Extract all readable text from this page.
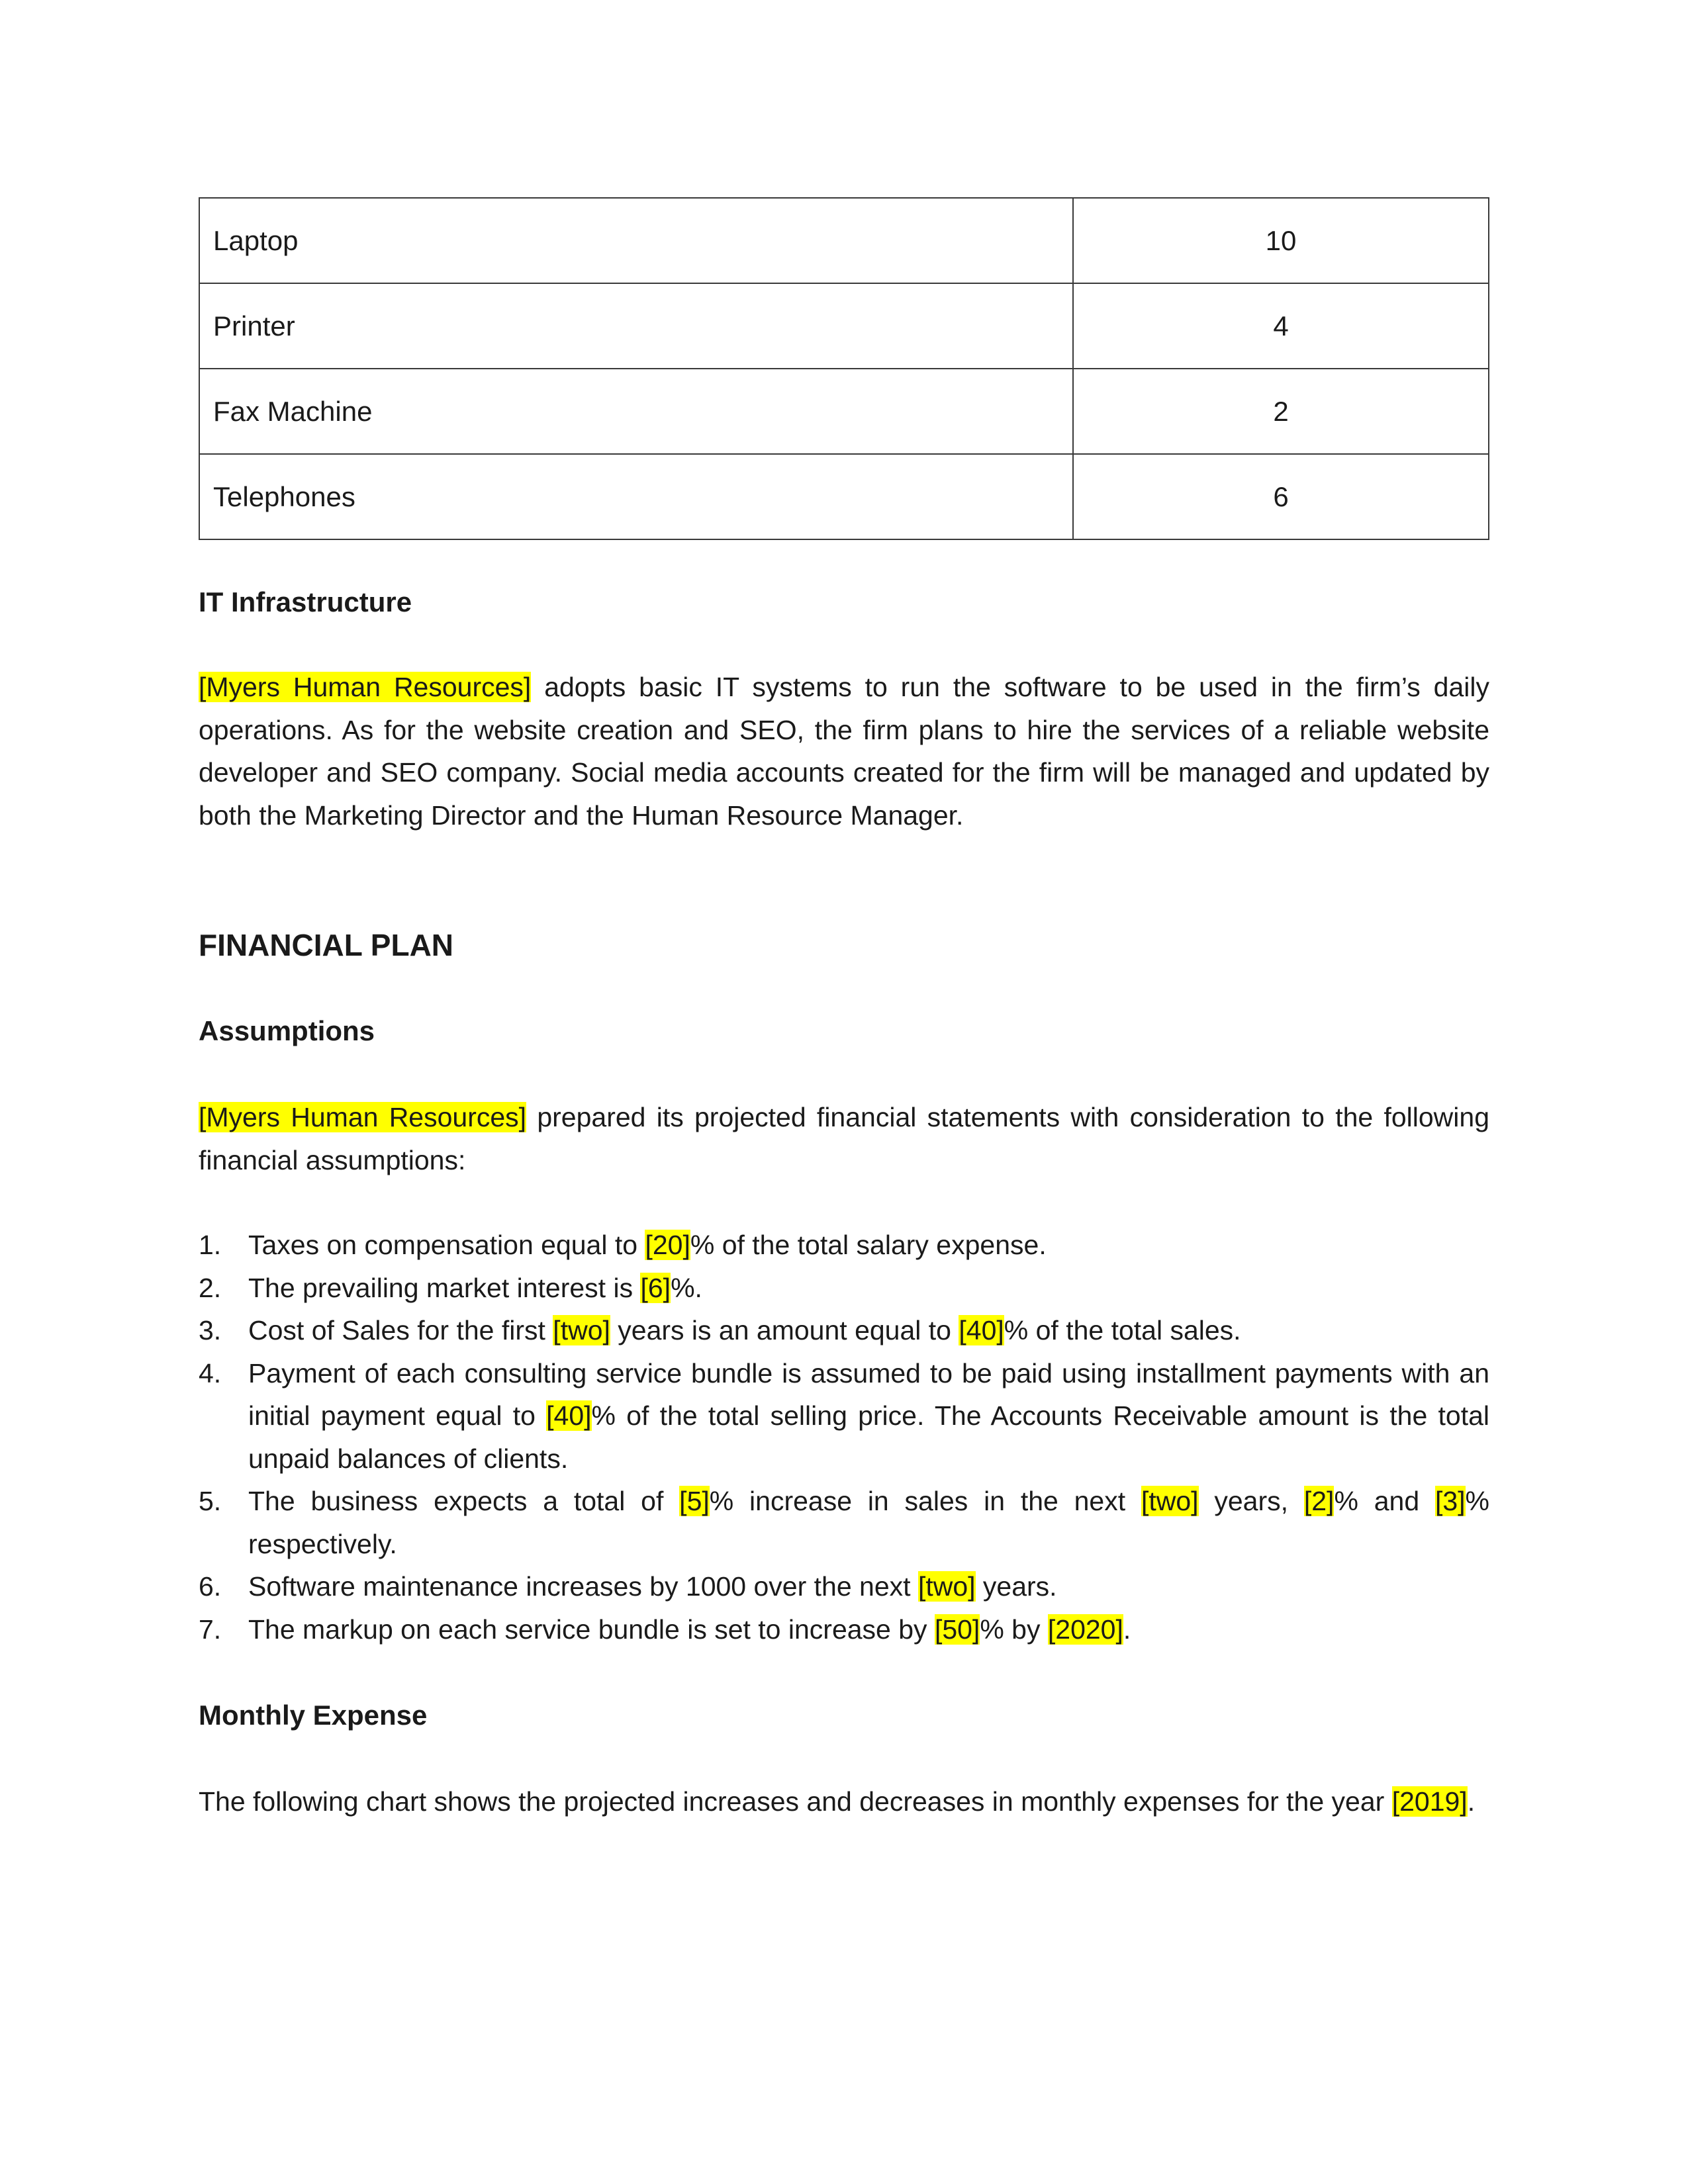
Laptop	10
Printer	4
Fax Machine	2
Telephones	6
IT Infrastructure

[Myers Human Resources] adopts basic IT systems to run the software to be used in the firm’s daily operations. As for the website creation and SEO, the firm plans to hire the services of a reliable website developer and SEO company. Social media accounts created for the firm will be managed and updated by both the Marketing Director and the Human Resource Manager.

FINANCIAL PLAN
Assumptions

[Myers Human Resources] prepared its projected financial statements with consideration to the following financial assumptions:

1. Taxes on compensation equal to [20]% of the total salary expense.
2. The prevailing market interest is [6]%.
3. Cost of Sales for the first [two] years is an amount equal to [40]% of the total sales.
4. Payment of each consulting service bundle is assumed to be paid using installment payments with an initial payment equal to [40]% of the total selling price. The Accounts Receivable amount is the total unpaid balances of clients.
5. The business expects a total of [5]% increase in sales in the next [two] years, [2]% and [3]% respectively.
6. Software maintenance increases by 1000 over the next [two] years.
7. The markup on each service bundle is set to increase by [50]% by [2020].
Monthly Expense

The following chart shows the projected increases and decreases in monthly expenses for the year [2019].
